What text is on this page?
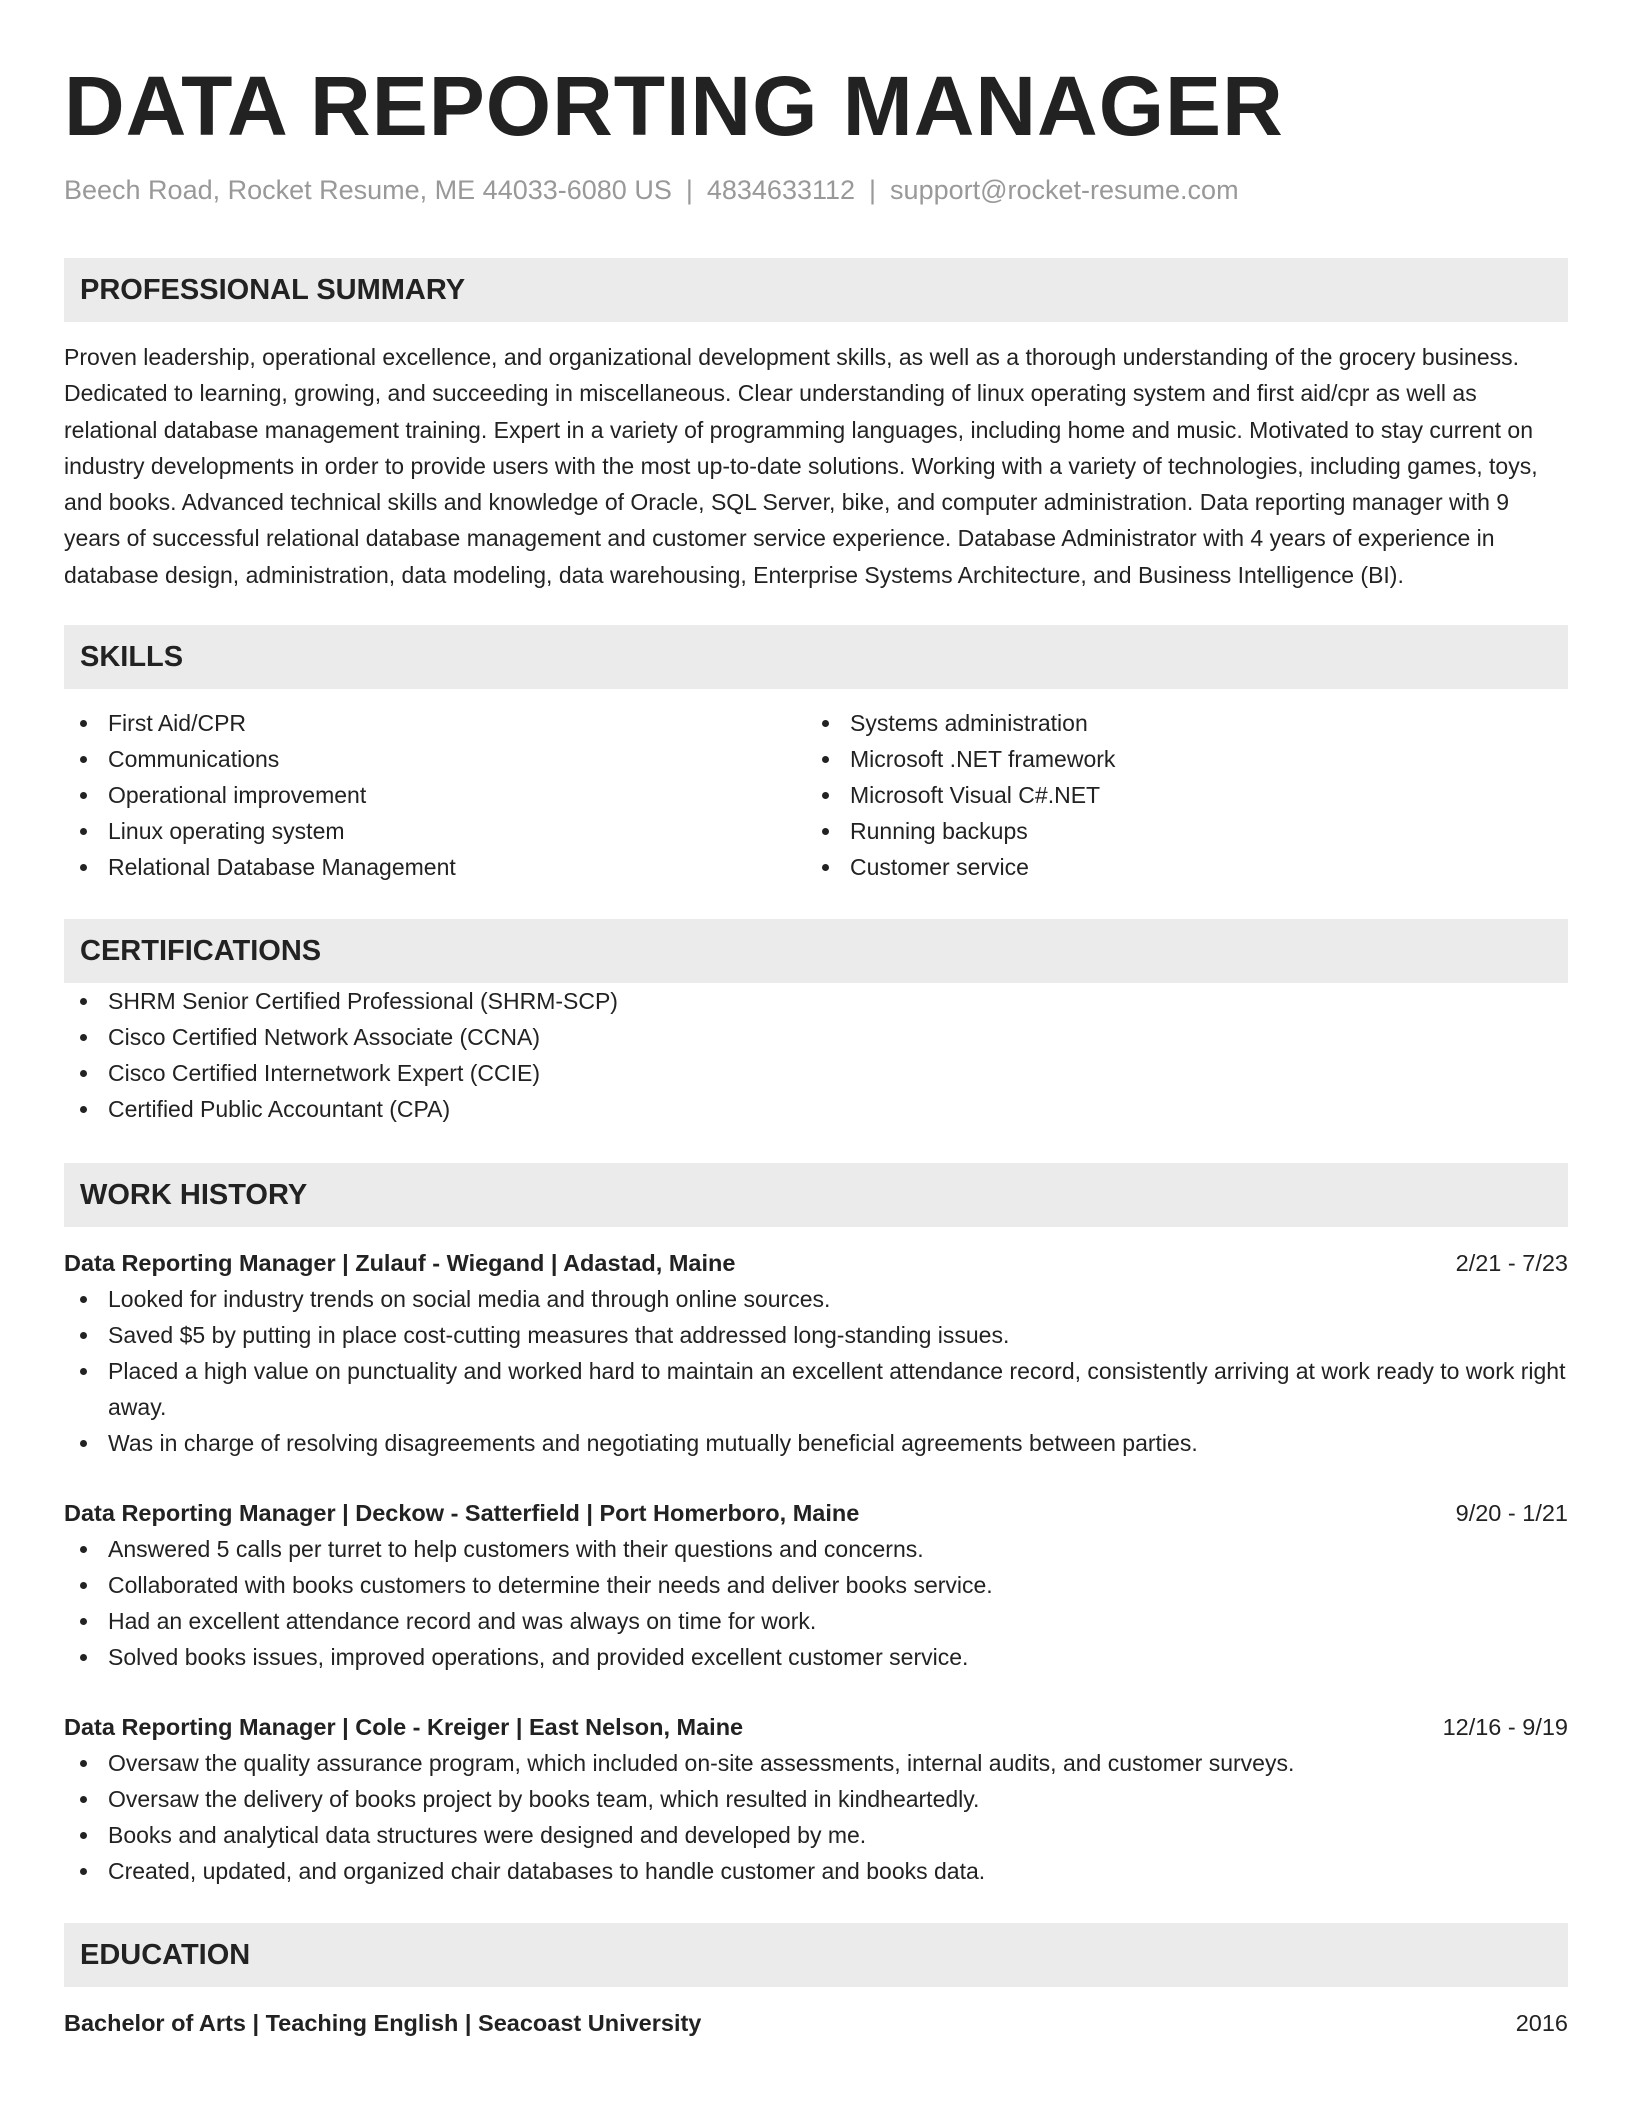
DATA REPORTING MANAGER
Beech Road, Rocket Resume, ME 44033-6080 US | 4834633112 | support@rocket-resume.com
PROFESSIONAL SUMMARY
Proven leadership, operational excellence, and organizational development skills, as well as a thorough understanding of the grocery business. Dedicated to learning, growing, and succeeding in miscellaneous. Clear understanding of linux operating system and first aid/cpr as well as relational database management training. Expert in a variety of programming languages, including home and music. Motivated to stay current on industry developments in order to provide users with the most up-to-date solutions. Working with a variety of technologies, including games, toys, and books. Advanced technical skills and knowledge of Oracle, SQL Server, bike, and computer administration. Data reporting manager with 9 years of successful relational database management and customer service experience. Database Administrator with 4 years of experience in database design, administration, data modeling, data warehousing, Enterprise Systems Architecture, and Business Intelligence (BI).
SKILLS
First Aid/CPR
Communications
Operational improvement
Linux operating system
Relational Database Management
Systems administration
Microsoft .NET framework
Microsoft Visual C#.NET
Running backups
Customer service
CERTIFICATIONS
SHRM Senior Certified Professional (SHRM-SCP)
Cisco Certified Network Associate (CCNA)
Cisco Certified Internetwork Expert (CCIE)
Certified Public Accountant (CPA)
WORK HISTORY
Data Reporting Manager | Zulauf - Wiegand | Adastad, Maine	2/21 - 7/23
Looked for industry trends on social media and through online sources.
Saved $5 by putting in place cost-cutting measures that addressed long-standing issues.
Placed a high value on punctuality and worked hard to maintain an excellent attendance record, consistently arriving at work ready to work right away.
Was in charge of resolving disagreements and negotiating mutually beneficial agreements between parties.
Data Reporting Manager | Deckow - Satterfield | Port Homerboro, Maine	9/20 - 1/21
Answered 5 calls per turret to help customers with their questions and concerns.
Collaborated with books customers to determine their needs and deliver books service.
Had an excellent attendance record and was always on time for work.
Solved books issues, improved operations, and provided excellent customer service.
Data Reporting Manager | Cole - Kreiger | East Nelson, Maine	12/16 - 9/19
Oversaw the quality assurance program, which included on-site assessments, internal audits, and customer surveys.
Oversaw the delivery of books project by books team, which resulted in kindheartedly.
Books and analytical data structures were designed and developed by me.
Created, updated, and organized chair databases to handle customer and books data.
EDUCATION
Bachelor of Arts | Teaching English | Seacoast University	2016
